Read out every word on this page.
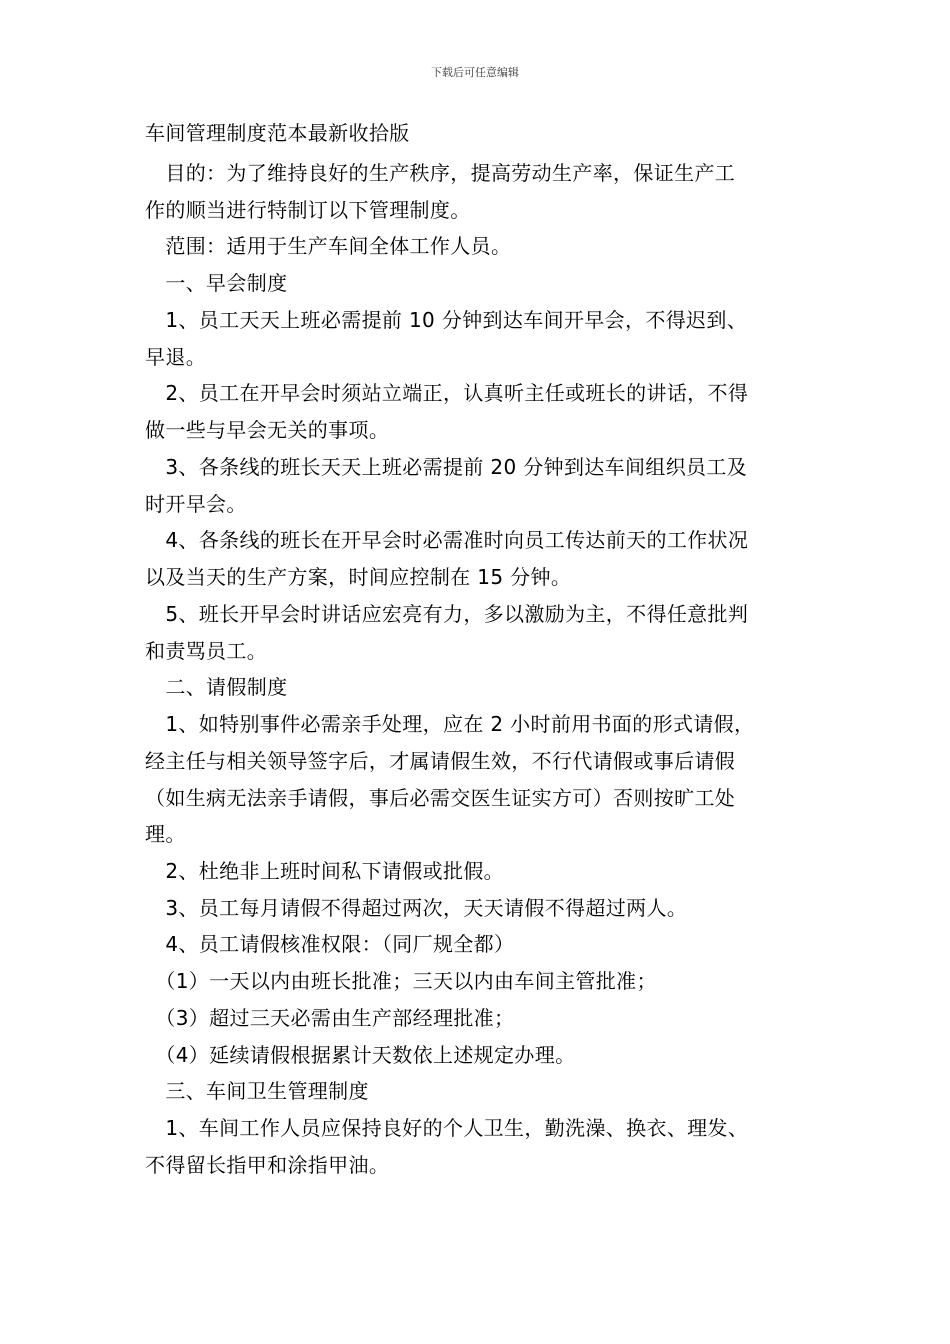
下载后可任意编辑
车间管理制度范本最新收拾版
　目的：为了维持良好的生产秩序，提高劳动生产率，保证生产工
作的顺当进行特制订以下管理制度。
　范围：适用于生产车间全体工作人员。
　一、早会制度
　1、员工天天上班必需提前 10 分钟到达车间开早会，不得迟到、
早退。
　2、员工在开早会时须站立端正，认真听主任或班长的讲话，不得
做一些与早会无关的事项。
　3、各条线的班长天天上班必需提前 20 分钟到达车间组织员工及
时开早会。
　4、各条线的班长在开早会时必需准时向员工传达前天的工作状况
以及当天的生产方案，时间应控制在 15 分钟。
　5、班长开早会时讲话应宏亮有力，多以激励为主，不得任意批判
和责骂员工。
　二、请假制度
　1、如特别事件必需亲手处理，应在 2 小时前用书面的形式请假，
经主任与相关领导签字后，才属请假生效，不行代请假或事后请假
（如生病无法亲手请假，事后必需交医生证实方可）否则按旷工处
理。
　2、杜绝非上班时间私下请假或批假。
　3、员工每月请假不得超过两次，天天请假不得超过两人。
　4、员工请假核准权限：（同厂规全都）
　（1）一天以内由班长批准；三天以内由车间主管批准；
　（3）超过三天必需由生产部经理批准；
　（4）延续请假根据累计天数依上述规定办理。
　三、车间卫生管理制度
　1、车间工作人员应保持良好的个人卫生，勤洗澡、换衣、理发、
不得留长指甲和涂指甲油。
